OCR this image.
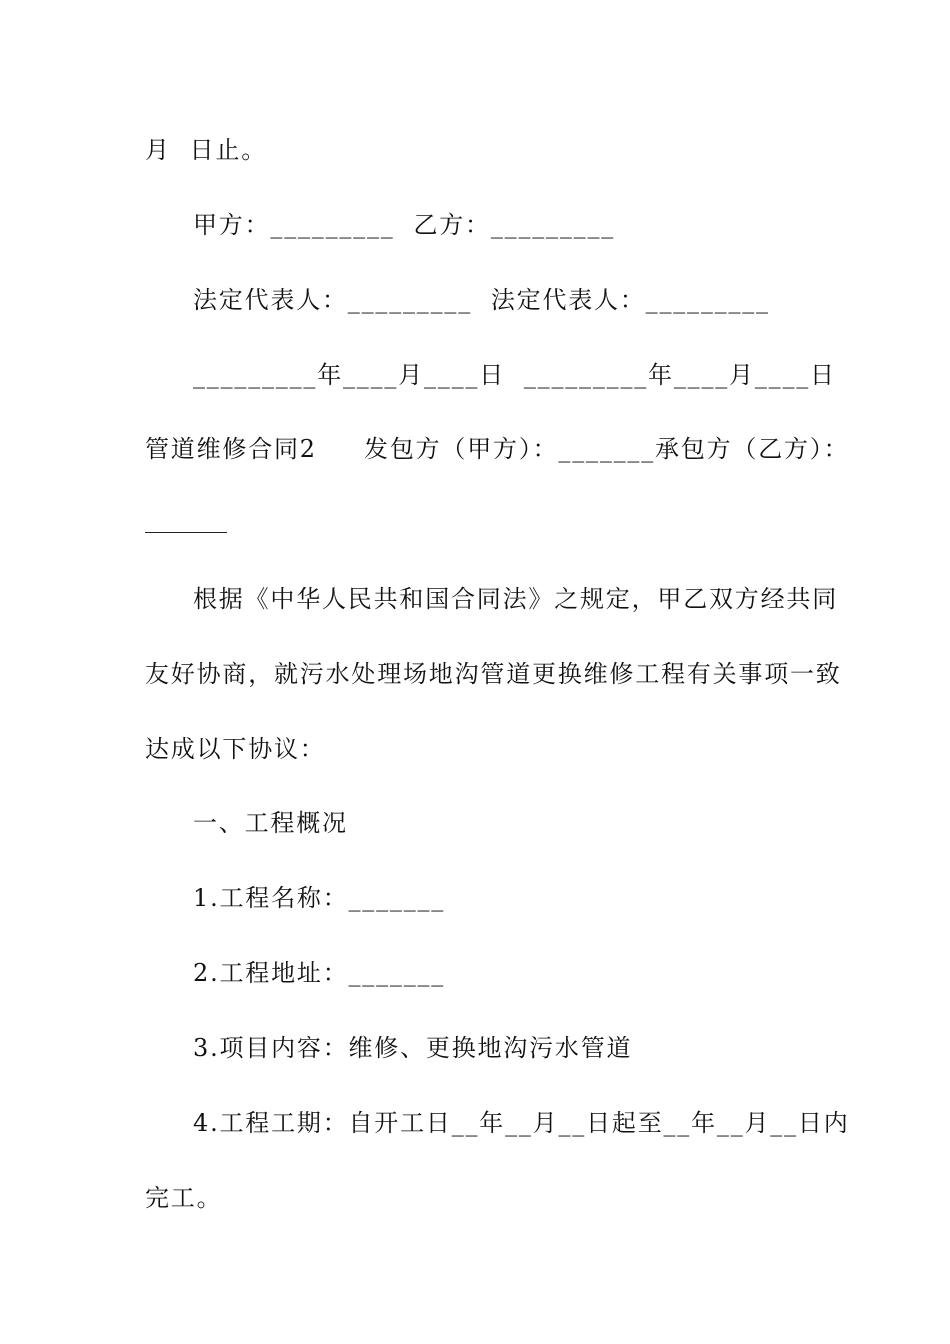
月  日止。
甲方：_________  乙方：_________
法定代表人：_________  法定代表人：_________
_________年____月____日  _________年____月____日
管道维修合同2     发包方（甲方）：_______承包方（乙方）：
根据《中华人民共和国合同法》之规定，甲乙双方经共同
友好协商，就污水处理场地沟管道更换维修工程有关事项一致
达成以下协议：
一、工程概况
1.工程名称：_______
2.工程地址：_______
3.项目内容：维修、更换地沟污水管道
4.工程工期：自开工日__年__月__日起至__年__月__日内
完工。
